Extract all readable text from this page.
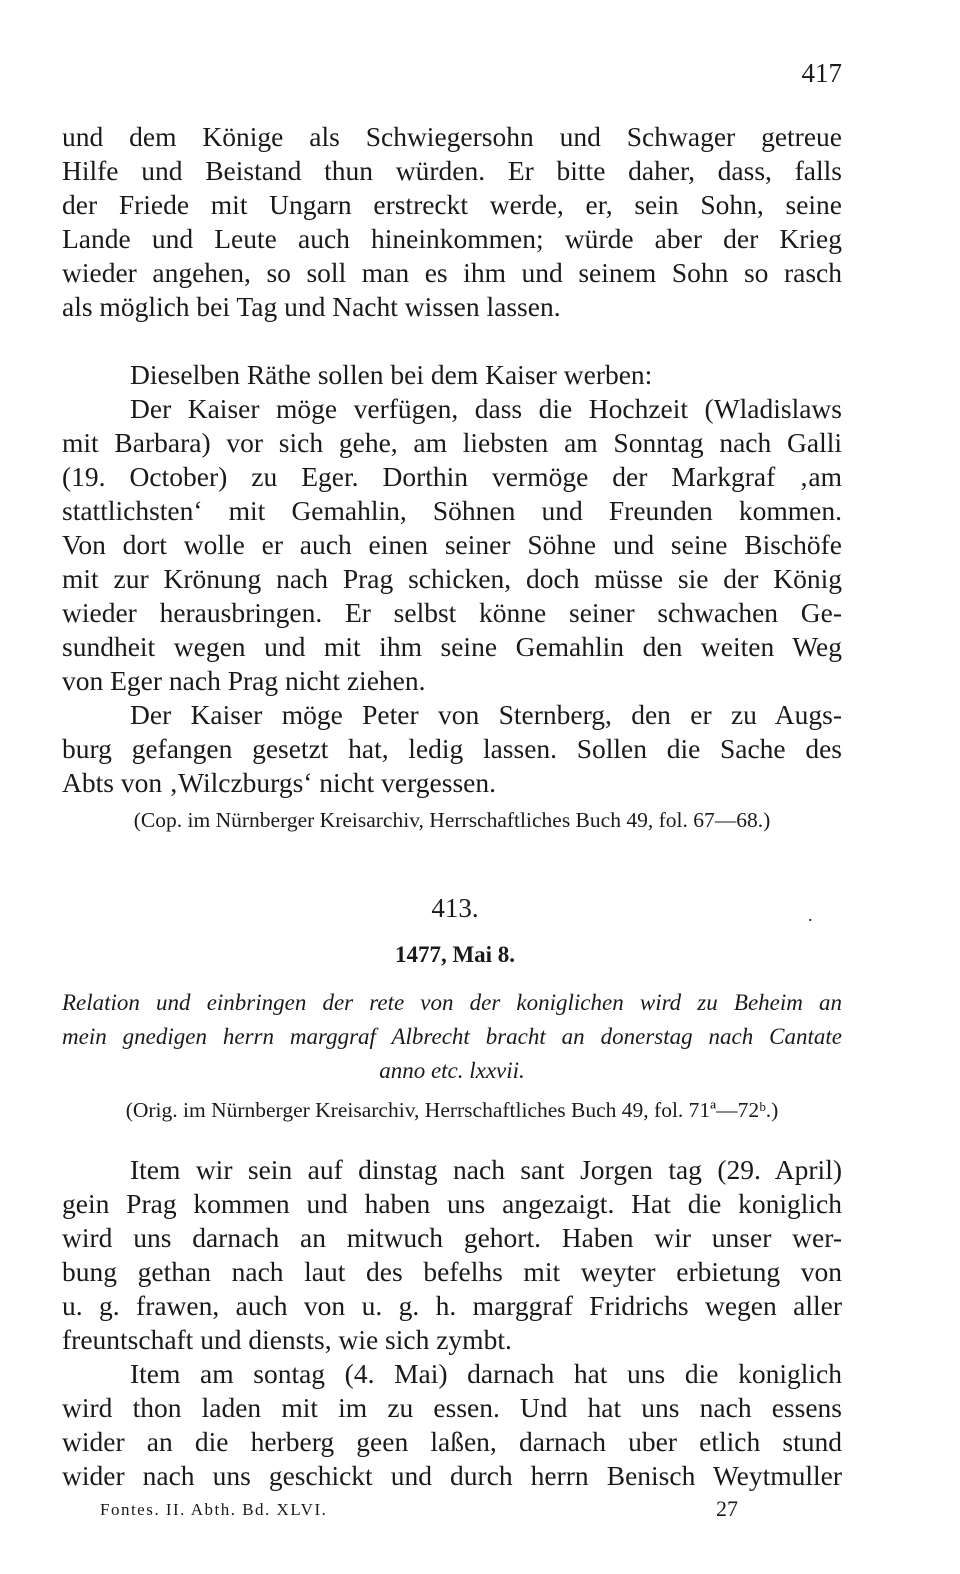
417
und dem Könige als Schwiegersohn und Schwager getreue
Hilfe und Beistand thun würden. Er bitte daher, dass, falls
der Friede mit Ungarn erstreckt werde, er, sein Sohn, seine
Lande und Leute auch hineinkommen; würde aber der Krieg
wieder angehen, so soll man es ihm und seinem Sohn so rasch
als möglich bei Tag und Nacht wissen lassen.
Dieselben Räthe sollen bei dem Kaiser werben:
Der Kaiser möge verfügen, dass die Hochzeit (Wladislaws
mit Barbara) vor sich gehe, am liebsten am Sonntag nach Galli
(19. October) zu Eger. Dorthin vermöge der Markgraf ‚am
stattlichsten‘ mit Gemahlin, Söhnen und Freunden kommen.
Von dort wolle er auch einen seiner Söhne und seine Bischöfe
mit zur Krönung nach Prag schicken, doch müsse sie der König
wieder herausbringen. Er selbst könne seiner schwachen Ge-
sundheit wegen und mit ihm seine Gemahlin den weiten Weg
von Eger nach Prag nicht ziehen.
Der Kaiser möge Peter von Sternberg, den er zu Augs-
burg gefangen gesetzt hat, ledig lassen. Sollen die Sache des
Abts von ‚Wilczburgs‘ nicht vergessen.
(Cop. im Nürnberger Kreisarchiv, Herrschaftliches Buch 49, fol. 67—68.)
413.	.
1477, Mai 8.
Relation und einbringen der rete von der koniglichen wird zu Beheim an
mein gnedigen herrn marggraf Albrecht bracht an donerstag nach Cantate
anno etc. lxxvii.
(Orig. im Nürnberger Kreisarchiv, Herrschaftliches Buch 49, fol. 71ª—72ᵇ.)
Item wir sein auf dinstag nach sant Jorgen tag (29. April)
gein Prag kommen und haben uns angezaigt. Hat die koniglich
wird uns darnach an mitwuch gehort. Haben wir unser wer-
bung gethan nach laut des befelhs mit weyter erbietung von
u. g. frawen, auch von u. g. h. marggraf Fridrichs wegen aller
freuntschaft und diensts, wie sich zymbt.
Item am sontag (4. Mai) darnach hat uns die koniglich
wird thon laden mit im zu essen. Und hat uns nach essens
wider an die herberg geen laßen, darnach uber etlich stund
wider nach uns geschickt und durch herrn Benisch Weytmuller
Fontes. II. Abth. Bd. XLVI.	27
